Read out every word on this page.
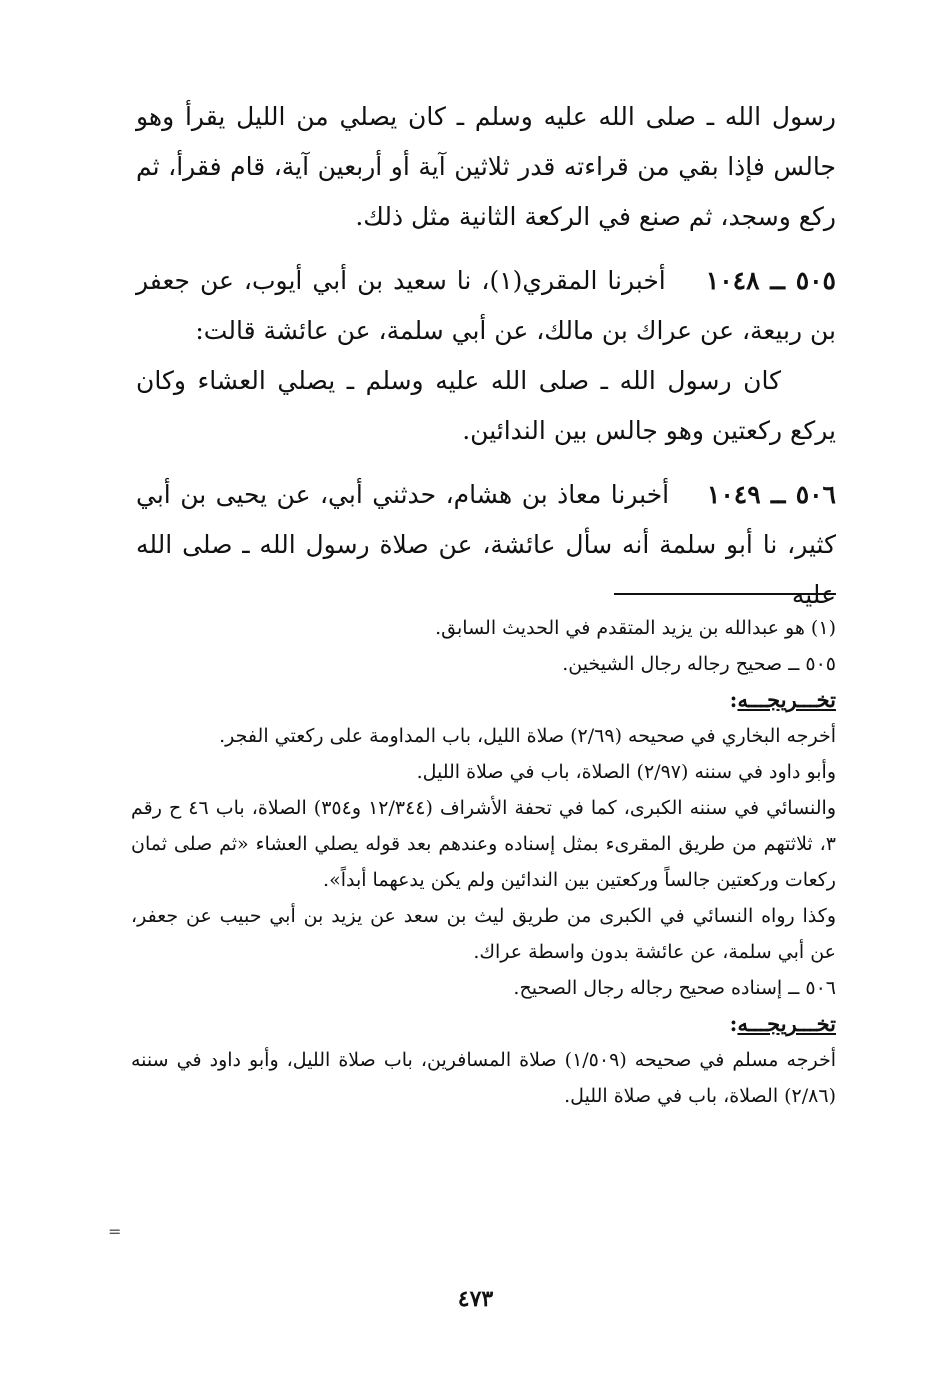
رسول الله ـ صلى الله عليه وسلم ـ كان يصلي من الليل يقرأ وهو جالس فإذا بقي من قراءته قدر ثلاثين آية أو أربعين آية، قام فقرأ، ثم ركع وسجد، ثم صنع في الركعة الثانية مثل ذلك.

٥٠٥ ــ ١٠٤٨    أخبرنا المقري(١)، نا سعيد بن أبي أيوب، عن جعفر بن ربيعة، عن عراك بن مالك، عن أبي سلمة، عن عائشة قالت:

كان رسول الله ـ صلى الله عليه وسلم ـ يصلي العشاء وكان يركع ركعتين وهو جالس بين الندائين.

٥٠٦ ــ ١٠٤٩    أخبرنا معاذ بن هشام، حدثني أبي، عن يحيى بن أبي كثير، نا أبو سلمة أنه سأل عائشة، عن صلاة رسول الله ـ صلى الله عليه

(١) هو عبدالله بن يزيد المتقدم في الحديث السابق.

٥٠٥ ــ صحيح رجاله رجال الشيخين.

تخـــريجـــه:

أخرجه البخاري في صحيحه (٢/٦٩) صلاة الليل، باب المداومة على ركعتي الفجر.

وأبو داود في سننه (٢/٩٧) الصلاة، باب في صلاة الليل.

والنسائي في سننه الكبرى، كما في تحفة الأشراف (١٢/٣٤٤ و٣٥٤) الصلاة، باب ٤٦ ح رقم ٣، ثلاثتهم من طريق المقرىء بمثل إسناده وعندهم بعد قوله يصلي العشاء «ثم صلى ثمان ركعات وركعتين جالساً وركعتين بين الندائين ولم يكن يدعهما أبداً».

وكذا رواه النسائي في الكبرى من طريق ليث بن سعد عن يزيد بن أبي حبيب عن جعفر، عن أبي سلمة، عن عائشة بدون واسطة عراك.

٥٠٦ ــ إسناده صحيح رجاله رجال الصحيح.

تخـــريجـــه:

أخرجه مسلم في صحيحه (١/٥٠٩) صلاة المسافرين، باب صلاة الليل، وأبو داود في سننه (٢/٨٦) الصلاة، باب في صلاة الليل.

=
٤٧٣
